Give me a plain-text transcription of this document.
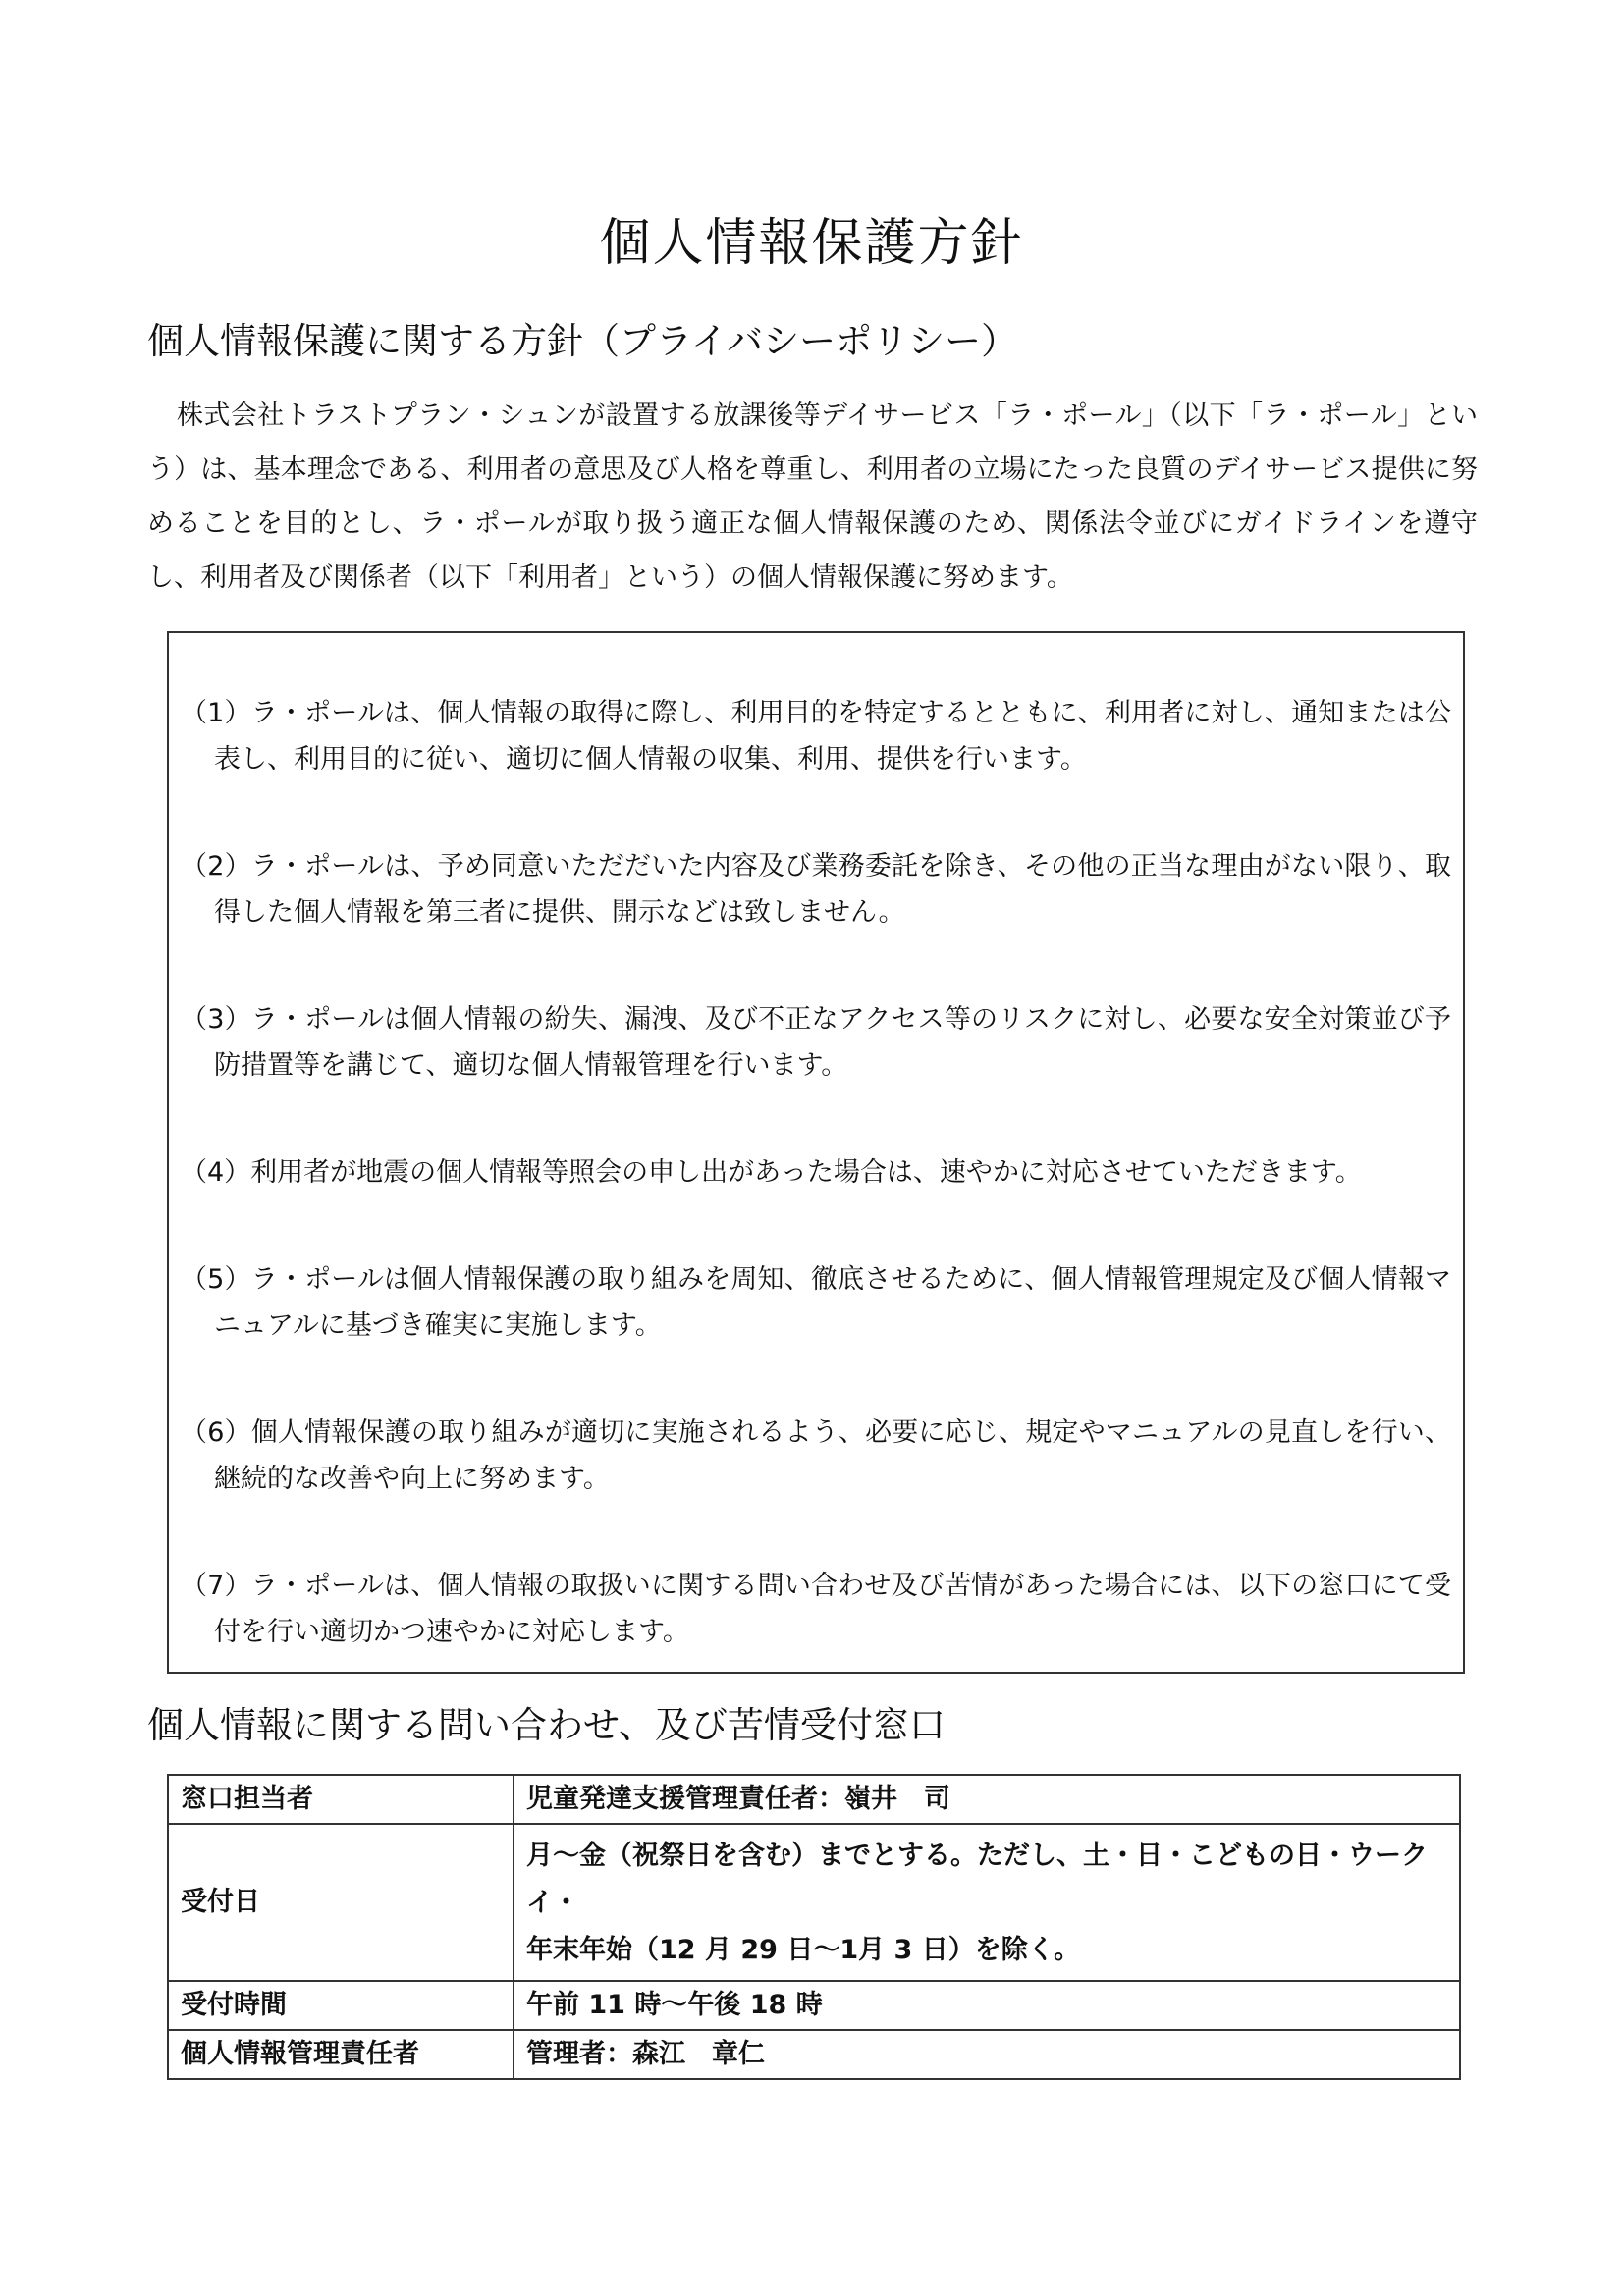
個人情報保護方針
個人情報保護に関する方針（プライバシーポリシー）

株式会社トラストプラン・シュンが設置する放課後等デイサービス「ラ・ポール」（以下「ラ・ポール」という）は、基本理念である、利用者の意思及び人格を尊重し、利用者の立場にたった良質のデイサービス提供に努めることを目的とし、ラ・ポールが取り扱う適正な個人情報保護のため、関係法令並びにガイドラインを遵守し、利用者及び関係者（以下「利用者」という）の個人情報保護に努めます。

（1）ラ・ポールは、個人情報の取得に際し、利用目的を特定するとともに、利用者に対し、通知または公表し、利用目的に従い、適切に個人情報の収集、利用、提供を行います。
（2）ラ・ポールは、予め同意いただだいた内容及び業務委託を除き、その他の正当な理由がない限り、取得した個人情報を第三者に提供、開示などは致しません。
（3）ラ・ポールは個人情報の紛失、漏洩、及び不正なアクセス等のリスクに対し、必要な安全対策並び予防措置等を講じて、適切な個人情報管理を行います。
（4）利用者が地震の個人情報等照会の申し出があった場合は、速やかに対応させていただきます。
（5）ラ・ポールは個人情報保護の取り組みを周知、徹底させるために、個人情報管理規定及び個人情報マニュアルに基づき確実に実施します。
（6）個人情報保護の取り組みが適切に実施されるよう、必要に応じ、規定やマニュアルの見直しを行い、継続的な改善や向上に努めます。
（7）ラ・ポールは、個人情報の取扱いに関する問い合わせ及び苦情があった場合には、以下の窓口にて受付を行い適切かつ速やかに対応します。
個人情報に関する問い合わせ、及び苦情受付窓口
窓口担当者	児童発達支援管理責任者：嶺井　司

受付日	月～金（祝祭日を含む）までとする。ただし、土・日・こどもの日・ウークイ・
年末年始（12 月 29 日～1月 3 日）を除く。

受付時間	午前 11 時～午後 18 時

個人情報管理責任者	管理者：森江　章仁
